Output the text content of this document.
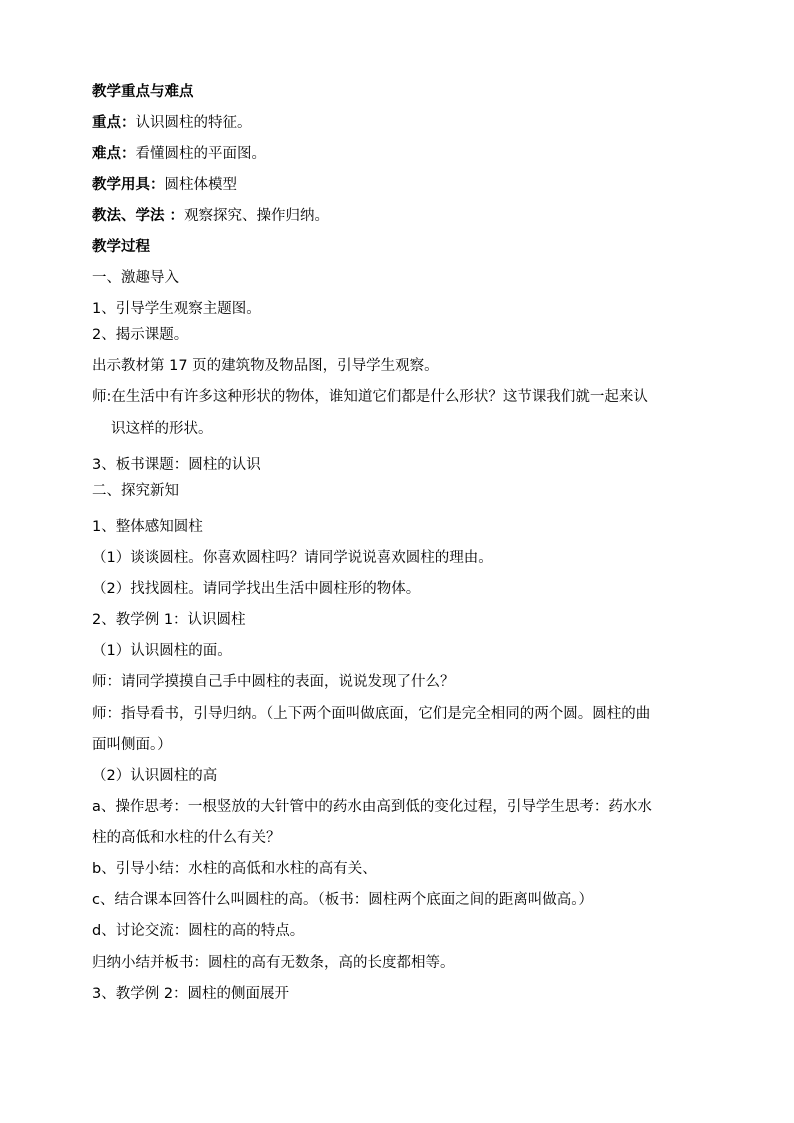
教学重点与难点

重点：认识圆柱的特征。

难点：看懂圆柱的平面图。

教学用具：圆柱体模型

教法、学法 ：观察探究、操作归纳。

教学过程

一、激趣导入

1、引导学生观察主题图。

2、揭示课题。

出示教材第 17 页的建筑物及物品图，引导学生观察。

师:在生活中有许多这种形状的物体，谁知道它们都是什么形状？这节课我们就一起来认

识这样的形状。

3、板书课题：圆柱的认识

二、探究新知

1、整体感知圆柱

（1）谈谈圆柱。你喜欢圆柱吗？请同学说说喜欢圆柱的理由。

（2）找找圆柱。请同学找出生活中圆柱形的物体。

2、教学例 1：认识圆柱

（1）认识圆柱的面。

师：请同学摸摸自己手中圆柱的表面，说说发现了什么？

师：指导看书，引导归纳。（上下两个面叫做底面，它们是完全相同的两个圆。圆柱的曲

面叫侧面。）

（2）认识圆柱的高

a、操作思考：一根竖放的大针管中的药水由高到低的变化过程，引导学生思考：药水水

柱的高低和水柱的什么有关？

b、引导小结：水柱的高低和水柱的高有关、

c、结合课本回答什么叫圆柱的高。（板书：圆柱两个底面之间的距离叫做高。）

d、讨论交流：圆柱的高的特点。

归纳小结并板书：圆柱的高有无数条，高的长度都相等。

3、教学例 2：圆柱的侧面展开
